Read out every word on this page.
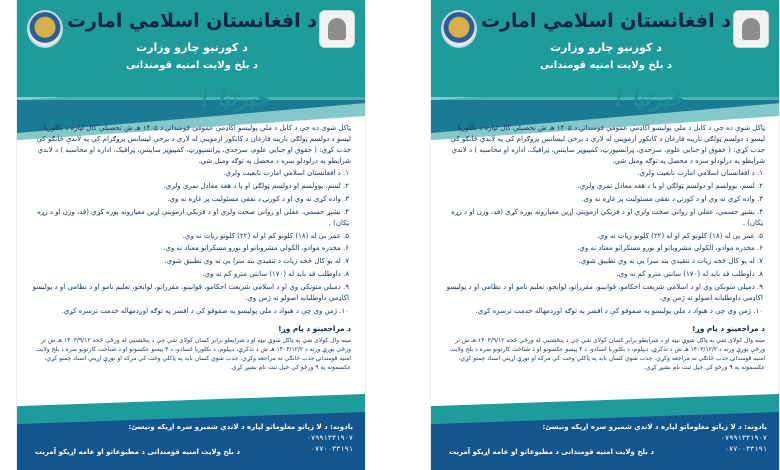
د افغانستان اسلامي امارت
د کورنیو چارو وزارت
د بلخ ولایت امنیه قومندانی
خبرتیا !

ټاکل شوې ده چې د کابل د ملي پولیسو اکاډمي عمومي قومندانۍ د ۱۴۰۵ هـ ش تحصیلي کال لپاره د بکلوریا لیسو د دولسم ټولګي نارینه فارغان د کانکور ازموینې له لارې د برخې لیسانس پروګرام کې په لاندې څانګو کې جذب کړي: ( حقوق او جنایي علوم، سرحدي، ټرانسپورټ، کمپیوټر ساینس، ټرافیک، اداره او محاسبه ) د لاندې شرایطو په درلودلو سره د محصل په توګه ومنل شي.

۱. د افغانستان اسلامي امارت تابعیت ولري.

۲. لسم، یوولسم او دولسم ټولګي او یا د هغه معادل نمرې ولري.

۳. واده کړی نه وي او د کورنۍ د نفقې مسئولیت پر غاړه نه وي.

۴. بشپړ جسمي، عقلي او رواني صحت ولري او د فزیکي ازموینې اړین معیارونه پوره کړي (قد، وزن او د زړه ټکان) .

۵. عمر یې له (۱۸) کلونو کم او له (۲۲) کلونو زیات نه وي.

۶. مخدره موادو، الکولي مشروباتو او نورو مسکراتو معتاد نه وي.

۷. له یو کال څخه زیات د تنقیدي بند سزا یې نه وي تطبیق شوې.

۸. داوطلب قد باید له (۱۷۰) سانتي مترو کم نه وي.

۹. دمیلي متونکي وي او د اسلامي شریعت احکامو، قوانینو، مقرراتو، لوایحو، تعلیم نامو او د نظامي او د پولیسو اکاډمي داوطلبانه اصولو ته ژمن وي.

۱۰. ژمن وي چې د هیواد د ملي پولیسو په صفوفو کې د افسر په توګه اوږدمهاله خدمت ترسره کړي.

د مراجعینو د پام وړ!

مینه وال کولای شي په ټاکل شوې نیټه او د شرایطو برابر کسان کولای شي چې د پنځشنبې له ورځې څخه ۱۴۰۳/۹/۱۲ هـ ش تر ورځې پورې ورته د ۱۴۰۳/۱۲/۲ هـ ش د تذکرې، دیپلوم، د بکلوریا اسنادو، د ۴ پیسو عکسونو او د شناخت کارتونو سره د بلخ ولایت امنیه قومندانۍ جذب څانګې ته مراجعه وکړي. جذب شوي کسان باید په ټاکلي وخت کې مرکه او نورې اړینې اسناد چمتو کړي، عکسمونه په ۹ ورځو کې خپل ثبت نام بشپړ کړي.

یادونه: د لا زیاتو معلوماتو لپاره د لاندې شمیرو سره اړیکه ونیسئ:
۰۷۹۹۱۳۳۱۹۰۷
۰۷۷۰۰۳۳۱۹۱
د بلخ ولایت امنیه قومندانی د مطبوعاتو او عامه اړیکو آمریت
د افغانستان اسلامي امارت
د کورنیو چارو وزارت
د بلخ ولایت امنیه قومندانی
خبرتیا !

ټاکل شوې ده چې د کابل د ملي پولیسو اکاډمي عمومي قومندانۍ د ۱۴۰۵ هـ ش تحصیلي کال لپاره د بکلوریا لیسو د دولسم ټولګي نارینه فارغان د کانکور ازموینې له لارې د برخې لیسانس پروګرام کې په لاندې څانګو کې جذب کړي: ( حقوق او جنایي علوم، سرحدي، ټرانسپورټ، کمپیوټر ساینس، ټرافیک، اداره او محاسبه ) د لاندې شرایطو په درلودلو سره د محصل په توګه ومنل شي.

۱. د افغانستان اسلامي امارت تابعیت ولري.

۲. لسم، یوولسم او دولسم ټولګي او یا د هغه معادل نمرې ولري.

۳. واده کړی نه وي او د کورنۍ د نفقې مسئولیت پر غاړه نه وي.

۴. بشپړ جسمي، عقلي او رواني صحت ولري او د فزیکي ازموینې اړین معیارونه پوره کړي (قد، وزن او د زړه ټکان) .

۵. عمر یې له (۱۸) کلونو کم او له (۲۲) کلونو زیات نه وي.

۶. مخدره موادو، الکولي مشروباتو او نورو مسکراتو معتاد نه وي.

۷. له یو کال څخه زیات د تنقیدي بند سزا یې نه وي تطبیق شوې.

۸. داوطلب قد باید له (۱۷۰) سانتي مترو کم نه وي.

۹. دمیلي متونکي وي او د اسلامي شریعت احکامو، قوانینو، مقرراتو، لوایحو، تعلیم نامو او د نظامي او د پولیسو اکاډمي داوطلبانه اصولو ته ژمن وي.

۱۰. ژمن وي چې د هیواد د ملي پولیسو په صفوفو کې د افسر په توګه اوږدمهاله خدمت ترسره کړي.

د مراجعینو د پام وړ!

مینه وال کولای شي په ټاکل شوې نیټه او د شرایطو برابر کسان کولای شي چې د پنځشنبې له ورځې څخه ۱۴۰۳/۹/۱۲ هـ ش تر ورځې پورې ورته د ۱۴۰۳/۱۲/۲ هـ ش د تذکرې، دیپلوم، د بکلوریا اسنادو، د ۴ پیسو عکسونو او د شناخت کارتونو سره د بلخ ولایت امنیه قومندانۍ جذب څانګې ته مراجعه وکړي. جذب شوي کسان باید په ټاکلي وخت کې مرکه او نورې اړینې اسناد چمتو کړي، عکسمونه په ۹ ورځو کې خپل ثبت نام بشپړ کړي.

یادونه: د لا زیاتو معلوماتو لپاره د لاندې شمیرو سره اړیکه ونیسئ:
۰۷۹۹۱۳۳۱۹۰۷
۰۷۷۰۰۳۳۱۹۱
د بلخ ولایت امنیه قومندانی د مطبوعاتو او عامه اړیکو آمریت
